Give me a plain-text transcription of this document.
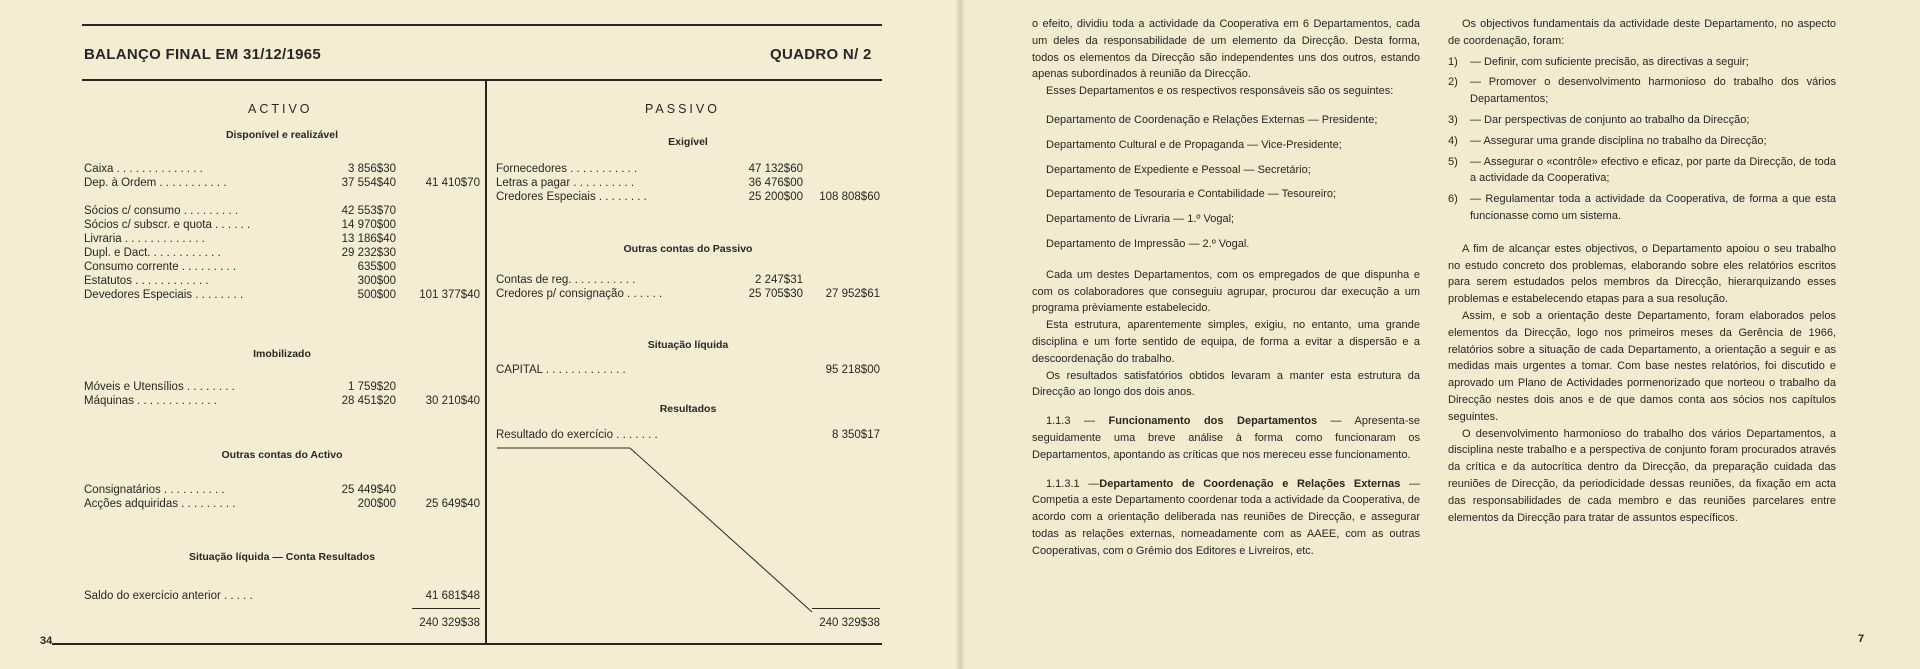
BALANÇO FINAL EM 31/12/1965	QUADRO N/ 2
34
ACTIVO
Disponível e realizável
Caixa . . . . . . . . . . . . . .	3 856$30
Dep. à Ordem . . . . . . . . . . .	37 554$40	41 410$70
Sócios c/ consumo . . . . . . . . .	42 553$70
Sócios c/ subscr. e quota . . . . . .	14 970$00
Livraria . . . . . . . . . . . . .	13 186$40
Dupl. e Dact. . . . . . . . . . . .	29 232$30
Consumo corrente . . . . . . . . .	635$00
Estatutos . . . . . . . . . . . .	300$00
Devedores Especiais . . . . . . . .	500$00	101 377$40
Imobilizado
Móveis e Utensílios . . . . . . . .	1 759$20
Máquinas . . . . . . . . . . . . .	28 451$20	30 210$40
Outras contas do Activo
Consignatários . . . . . . . . . .	25 449$40
Acções adquiridas . . . . . . . . .	200$00	25 649$40
Situação líquida — Conta Resultados
Saldo do exercício anterior . . . . .	41 681$48
PASSIVO
Exigível
Fornecedores . . . . . . . . . . .	47 132$60
Letras a pagar . . . . . . . . . .	36 476$00
Credores Especiais . . . . . . . .	25 200$00	108 808$60
Outras contas do Passivo
Contas de reg. . . . . . . . . . .	2 247$31
Credores p/ consignação . . . . . .	25 705$30	27 952$61
Situação líquida
CAPITAL . . . . . . . . . . . . .	95 218$00
Resultados
Resultado do exercício . . . . . . .	8 350$17
240 329$38	240 329$38

o efeito, dividiu toda a actividade da Cooperativa em 6 Departamentos, cada um deles da responsabilidade de um elemento da Direcção. Desta forma, todos os elementos da Direcção são independentes uns dos outros, estando apenas subordinados à reunião da Direcção.

Esses Departamentos e os respectivos responsáveis são os seguintes:

Departamento de Coordenação e Relações Externas — Presidente;

Departamento Cultural e de Propaganda — Vice-Presidente;

Departamento de Expediente e Pessoal — Secretário;

Departamento de Tesouraria e Contabilidade — Tesoureiro;

Departamento de Livraria — 1.º Vogal;

Departamento de Impressão — 2.º Vogal.

Cada um destes Departamentos, com os empregados de que dispunha e com os colaboradores que conseguiu agrupar, procurou dar execução a um programa prèviamente estabelecido.

Esta estrutura, aparentemente simples, exigiu, no entanto, uma grande disciplina e um forte sentido de equipa, de forma a evitar a dispersão e a descoordenação do trabalho.

Os resultados satisfatórios obtidos levaram a manter esta estrutura da Direcção ao longo dos dois anos.

1.1.3 — Funcionamento dos Departamentos — Apresenta-se seguidamente uma breve análise à forma como funcionaram os Departamentos, apontando as críticas que nos mereceu esse funcionamento.

1.1.3.1 —Departamento de Coordenação e Relações Externas — Competia a este Departamento coordenar toda a actividade da Cooperativa, de acordo com a orientação deliberada nas reuniões de Direcção, e assegurar todas as relações externas, nomeadamente com as AAEE, com as outras Cooperativas, com o Grémio dos Editores e Livreiros, etc.

Os objectivos fundamentais da actividade deste Departamento, no aspecto de coordenação, foram:

1)	— Definir, com suficiente precisão, as directivas a seguir;
2)	— Promover o desenvolvimento harmonioso do trabalho dos vários Departamentos;
3)	— Dar perspectivas de conjunto ao trabalho da Direcção;
4)	— Assegurar uma grande disciplina no trabalho da Direcção;
5)	— Assegurar o «contrôle» efectivo e eficaz, por parte da Direcção, de toda a actividade da Cooperativa;
6)	— Regulamentar toda a actividade da Cooperativa, de forma a que esta funcionasse como um sistema.

A fim de alcançar estes objectivos, o Departamento apoiou o seu trabalho no estudo concreto dos problemas, elaborando sobre eles relatórios escritos para serem estudados pelos membros da Direcção, hierarquizando esses problemas e estabelecendo etapas para a sua resolução.

Assim, e sob a orientação deste Departamento, foram elaborados pelos elementos da Direcção, logo nos primeiros meses da Gerência de 1966, relatórios sobre a situação de cada Departamento, a orientação a seguir e as medidas mais urgentes a tomar. Com base nestes relatórios, foi discutido e aprovado um Plano de Actividades pormenorizado que norteou o trabalho da Direcção nestes dois anos e de que damos conta aos sócios nos capítulos seguintes.

O desenvolvimento harmonioso do trabalho dos vários Departamentos, a disciplina neste trabalho e a perspectiva de conjunto foram procurados através da crítica e da autocrítica dentro da Direcção, da preparação cuidada das reuniões de Direcção, da periodicidade dessas reuniões, da fixação em acta das responsabilidades de cada membro e das reuniões parcelares entre elementos da Direcção para tratar de assuntos específicos.

7
